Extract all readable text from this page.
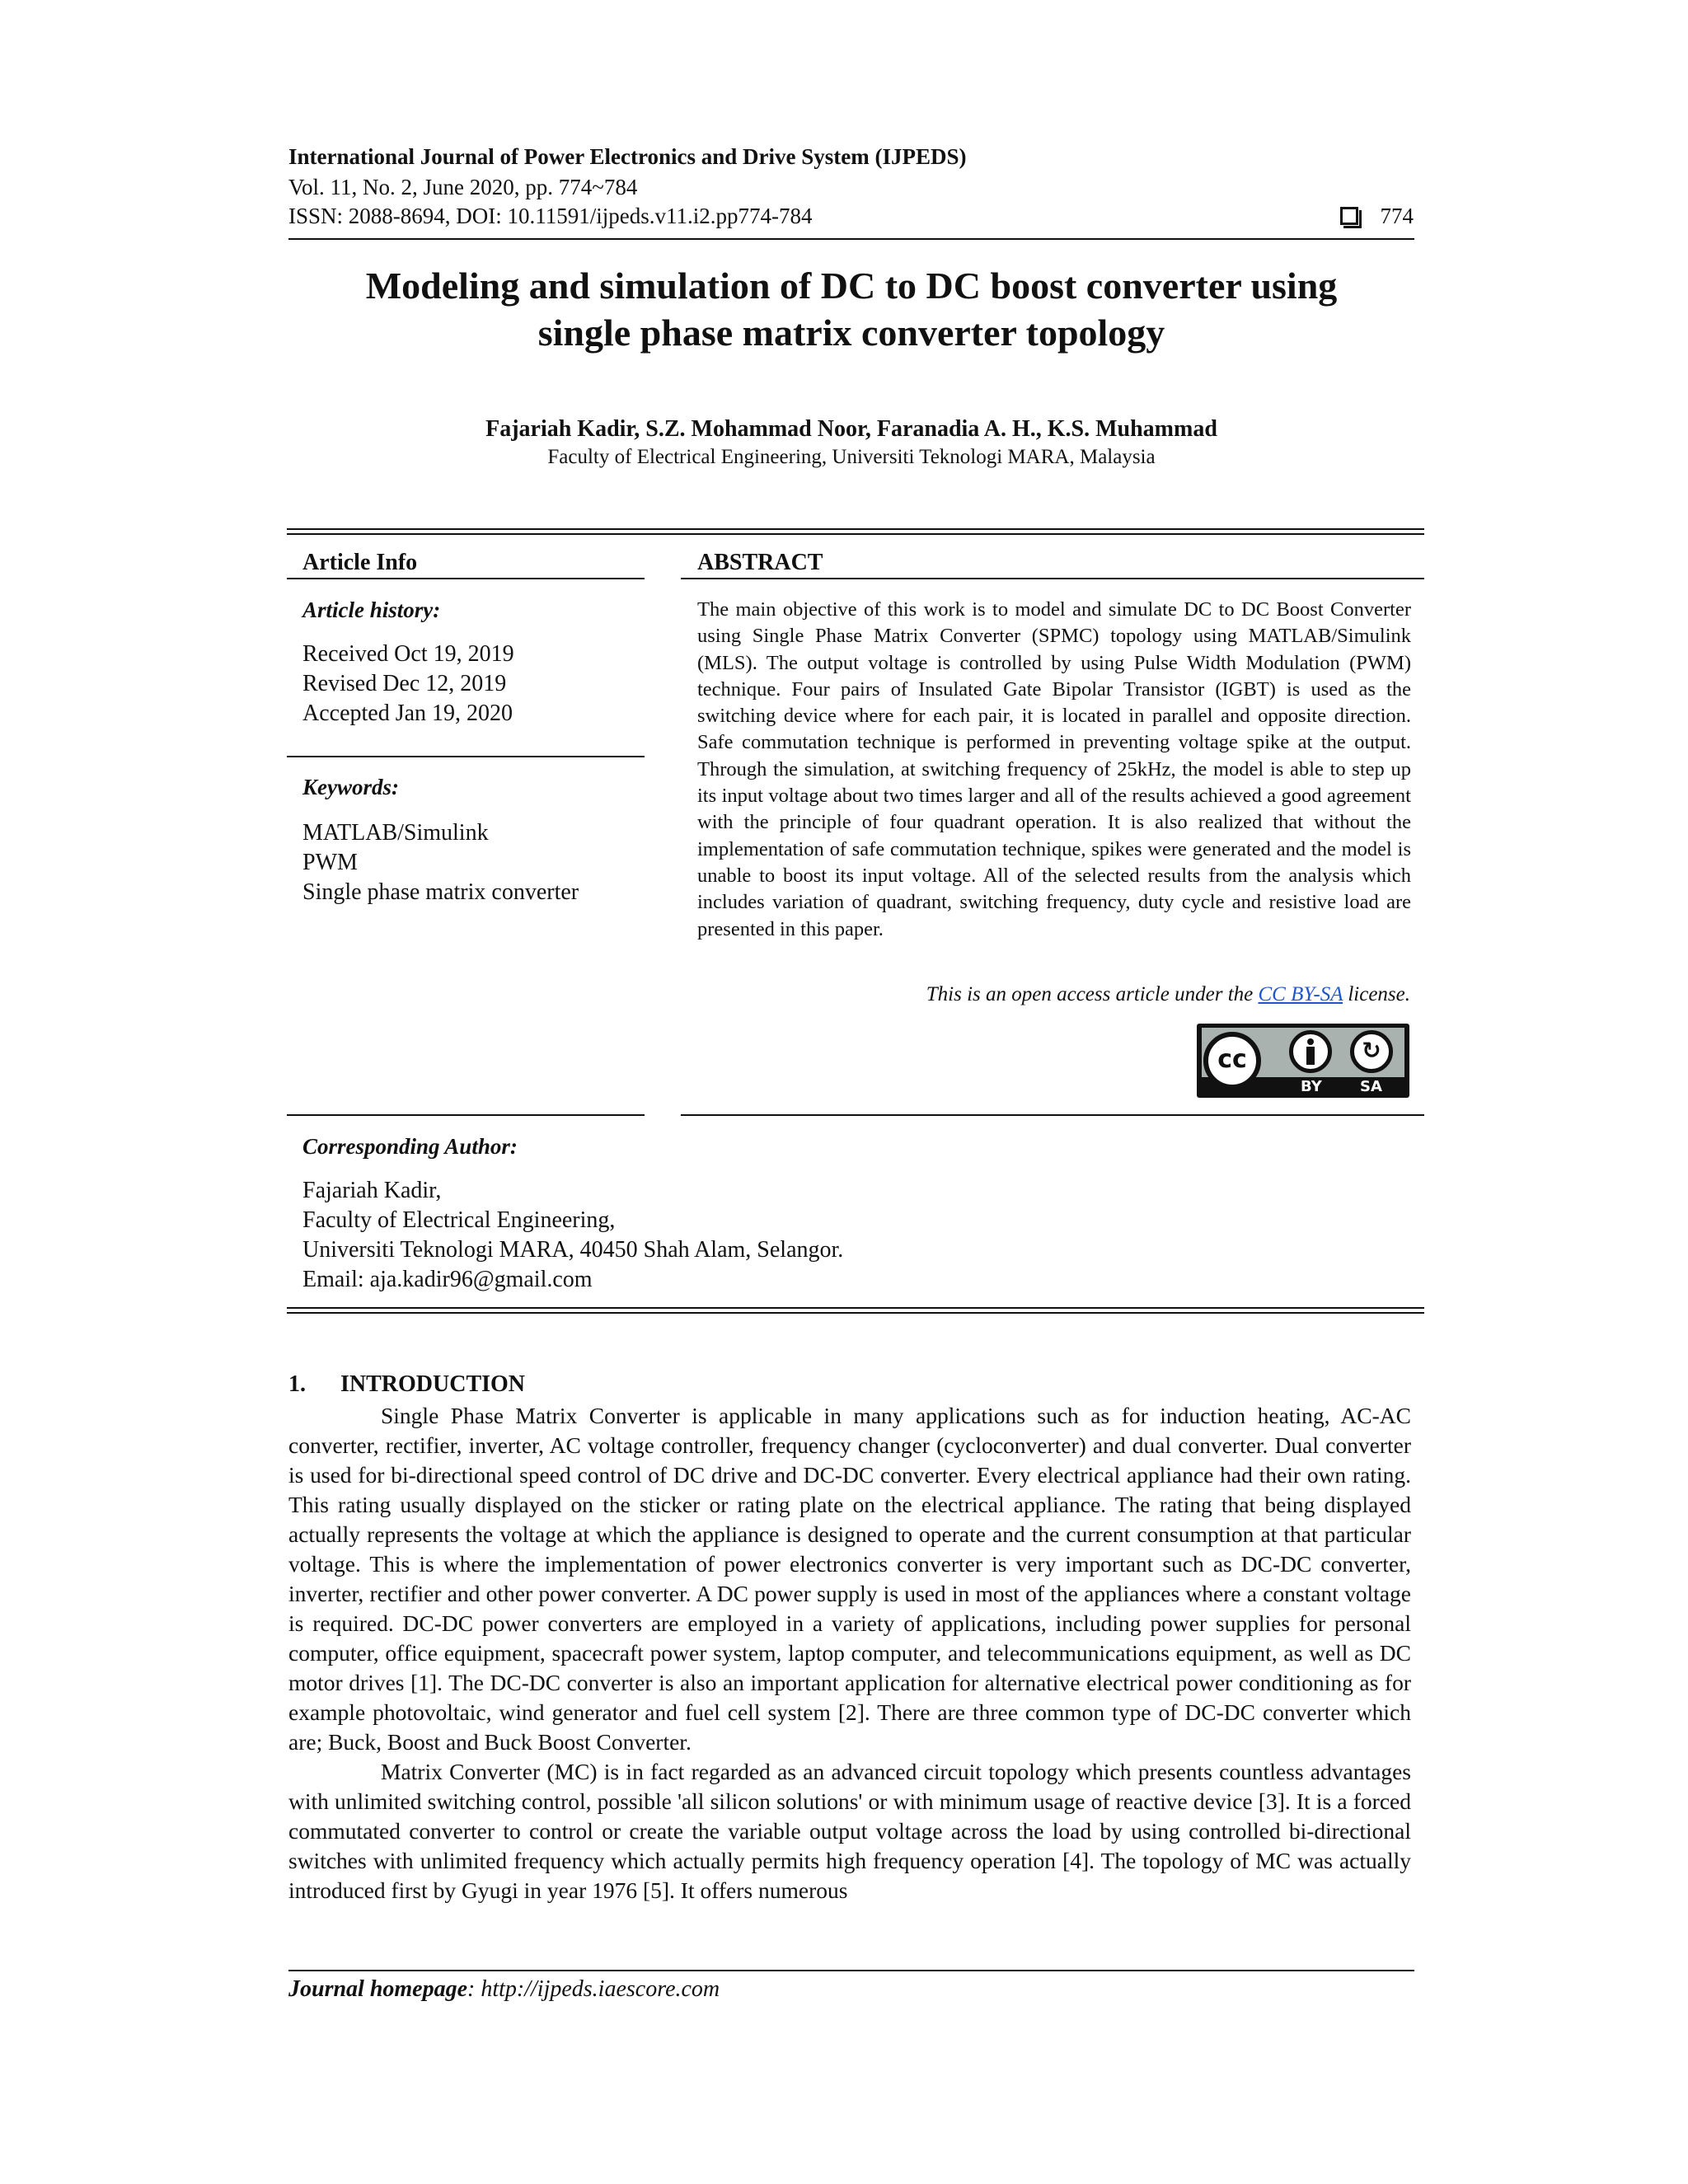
International Journal of Power Electronics and Drive System (IJPEDS)
Vol. 11, No. 2, June 2020, pp. 774~784
ISSN: 2088-8694, DOI: 10.11591/ijpeds.v11.i2.pp774-784	774
Modeling and simulation of DC to DC boost converter using
single phase matrix converter topology
Fajariah Kadir, S.Z. Mohammad Noor, Faranadia A. H., K.S. Muhammad
Faculty of Electrical Engineering, Universiti Teknologi MARA, Malaysia
Article Info
Article history:
Received Oct 19, 2019
Revised Dec 12, 2019
Accepted Jan 19, 2020
Keywords:
MATLAB/Simulink
PWM
Single phase matrix converter
ABSTRACT
The main objective of this work is to model and simulate DC to DC Boost Converter using Single Phase Matrix Converter (SPMC) topology using MATLAB/Simulink (MLS). The output voltage is controlled by using Pulse Width Modulation (PWM) technique. Four pairs of Insulated Gate Bipolar Transistor (IGBT) is used as the switching device where for each pair, it is located in parallel and opposite direction. Safe commutation technique is performed in preventing voltage spike at the output. Through the simulation, at switching frequency of 25kHz, the model is able to step up its input voltage about two times larger and all of the results achieved a good agreement with the principle of four quadrant operation. It is also realized that without the implementation of safe commutation technique, spikes were generated and the model is unable to boost its input voltage. All of the selected results from the analysis which includes variation of quadrant, switching frequency, duty cycle and resistive load are presented in this paper.
This is an open access article under the CC BY-SA license.
cc	↻
BY	SA
Corresponding Author:
Fajariah Kadir,
Faculty of Electrical Engineering,
Universiti Teknologi MARA, 40450 Shah Alam, Selangor.
Email: aja.kadir96@gmail.com
1.      INTRODUCTION

Single Phase Matrix Converter is applicable in many applications such as for induction heating, AC-AC converter, rectifier, inverter, AC voltage controller, frequency changer (cycloconverter) and dual converter. Dual converter is used for bi-directional speed control of DC drive and DC-DC converter. Every electrical appliance had their own rating. This rating usually displayed on the sticker or rating plate on the electrical appliance. The rating that being displayed actually represents the voltage at which the appliance is designed to operate and the current consumption at that particular voltage. This is where the implementation of power electronics converter is very important such as DC-DC converter, inverter, rectifier and other power converter. A DC power supply is used in most of the appliances where a constant voltage is required. DC-DC power converters are employed in a variety of applications, including power supplies for personal computer, office equipment, spacecraft power system, laptop computer, and telecommunications equipment, as well as DC motor drives [1]. The DC-DC converter is also an important application for alternative electrical power conditioning as for example photovoltaic, wind generator and fuel cell system [2]. There are three common type of DC-DC converter which are; Buck, Boost and Buck Boost Converter.

Matrix Converter (MC) is in fact regarded as an advanced circuit topology which presents countless advantages with unlimited switching control, possible 'all silicon solutions' or with minimum usage of reactive device [3]. It is a forced commutated converter to control or create the variable output voltage across the load by using controlled bi-directional switches with unlimited frequency which actually permits high frequency operation [4]. The topology of MC was actually introduced first by Gyugi in year 1976 [5]. It offers numerous

Journal homepage: http://ijpeds.iaescore.com
